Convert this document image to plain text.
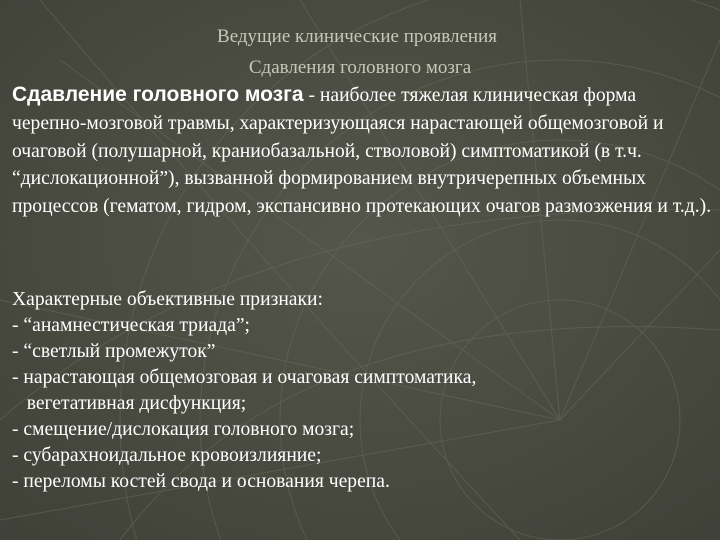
Ведущие клинические проявления
Сдавления головного мозга

Сдавление головного мозга - наиболее тяжелая клиническая форма черепно-мозговой травмы, характеризующаяся нарастающей общемозговой и очаговой (полушарной, краниобазальной, стволовой) симптоматикой (в т.ч. “дислокационной”), вызванной формированием внутричерепных объемных процессов (гематом, гидром, экспансивно протекающих очагов размозжения и т.д.).

Характерные объективные признаки:

- “анамнестическая триада”;
- “светлый промежуток”
- нарастающая общемозговая и очаговая симптоматика,
вегетативная дисфункция;
- смещение/дислокация головного мозга;
- субарахноидальное кровоизлияние;
- переломы костей свода и основания черепа.
